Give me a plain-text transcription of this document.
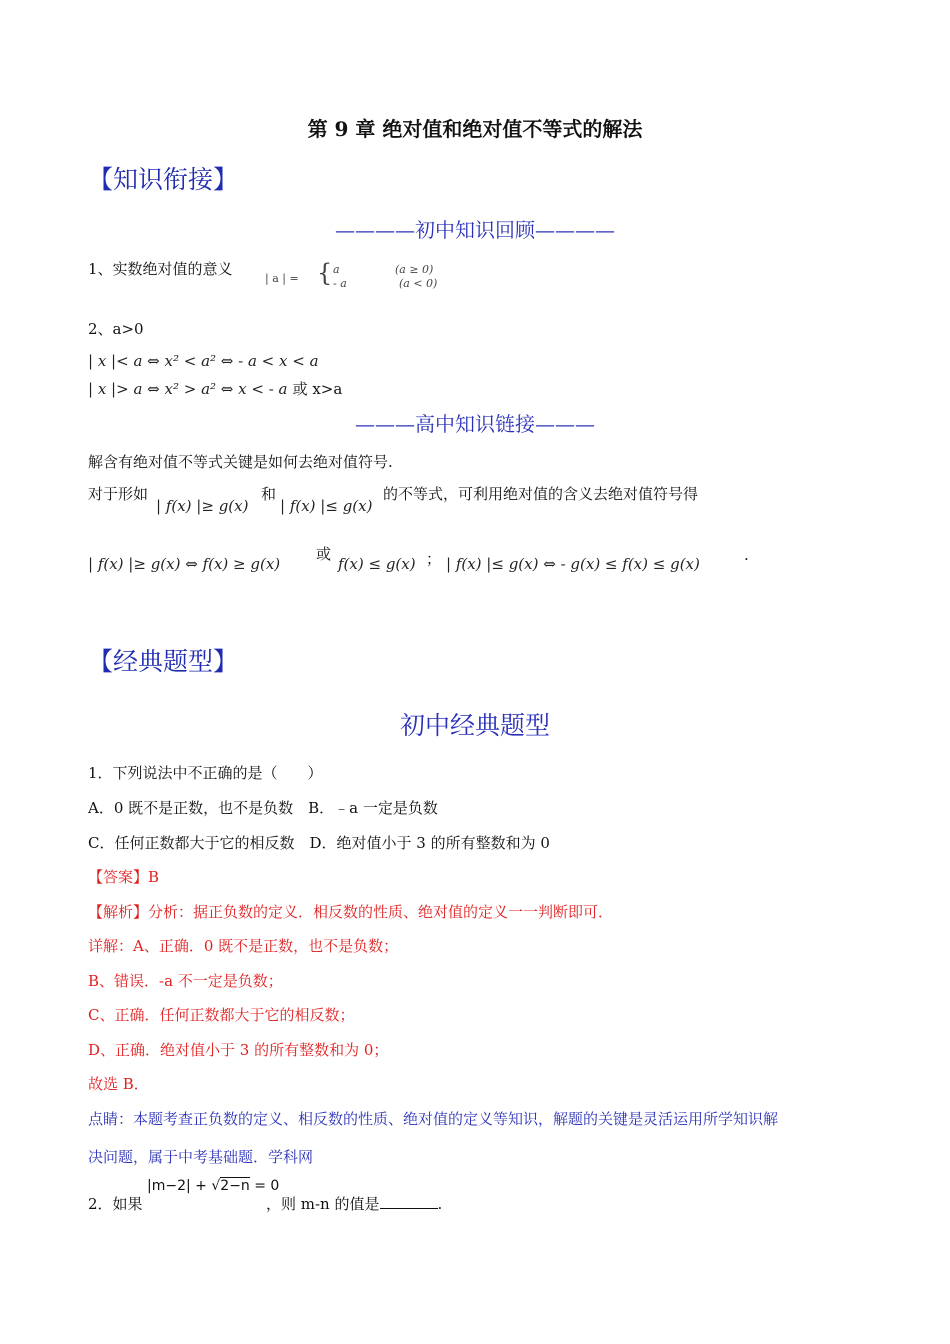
第 9 章 绝对值和绝对值不等式的解法
【知识衔接】
————初中知识回顾————
1、实数绝对值的意义
| a | = { a	(a ≥ 0)
- a	(a < 0)
2、a>0
| x |< a ⇔ x² < a² ⇔ - a < x < a
| x |> a ⇔ x² > a² ⇔ x < - a 或 x>a
———高中知识链接———
解含有绝对值不等式关键是如何去绝对值符号.
对于形如
| f(x) |≥ g(x)
和
| f(x) |≤ g(x)
的不等式，可利用绝对值的含义去绝对值符号得
| f(x) |≥ g(x) ⇔ f(x) ≥ g(x)
或
f(x) ≤ g(x) ； | f(x) |≤ g(x) ⇔ - g(x) ≤ f(x) ≤ g(x)	.
【经典题型】
初中经典题型
1．下列说法中不正确的是（　　）
A．0 既不是正数，也不是负数　B．﹣a 一定是负数
C．任何正数都大于它的相反数　D．绝对值小于 3 的所有整数和为 0
【答案】B
【解析】分析：据正负数的定义．相反数的性质、绝对值的定义一一判断即可．
详解：A、正确．0 既不是正数，也不是负数；
B、错误．-a 不一定是负数；
C、正确．任何正数都大于它的相反数；
D、正确．绝对值小于 3 的所有整数和为 0；
故选 B．
点睛：本题考查正负数的定义、相反数的性质、绝对值的定义等知识，解题的关键是灵活运用所学知识解
决问题，属于中考基础题．学科网
2．如果
|m−2| + √2−n = 0
，则 m-n 的值是	.
